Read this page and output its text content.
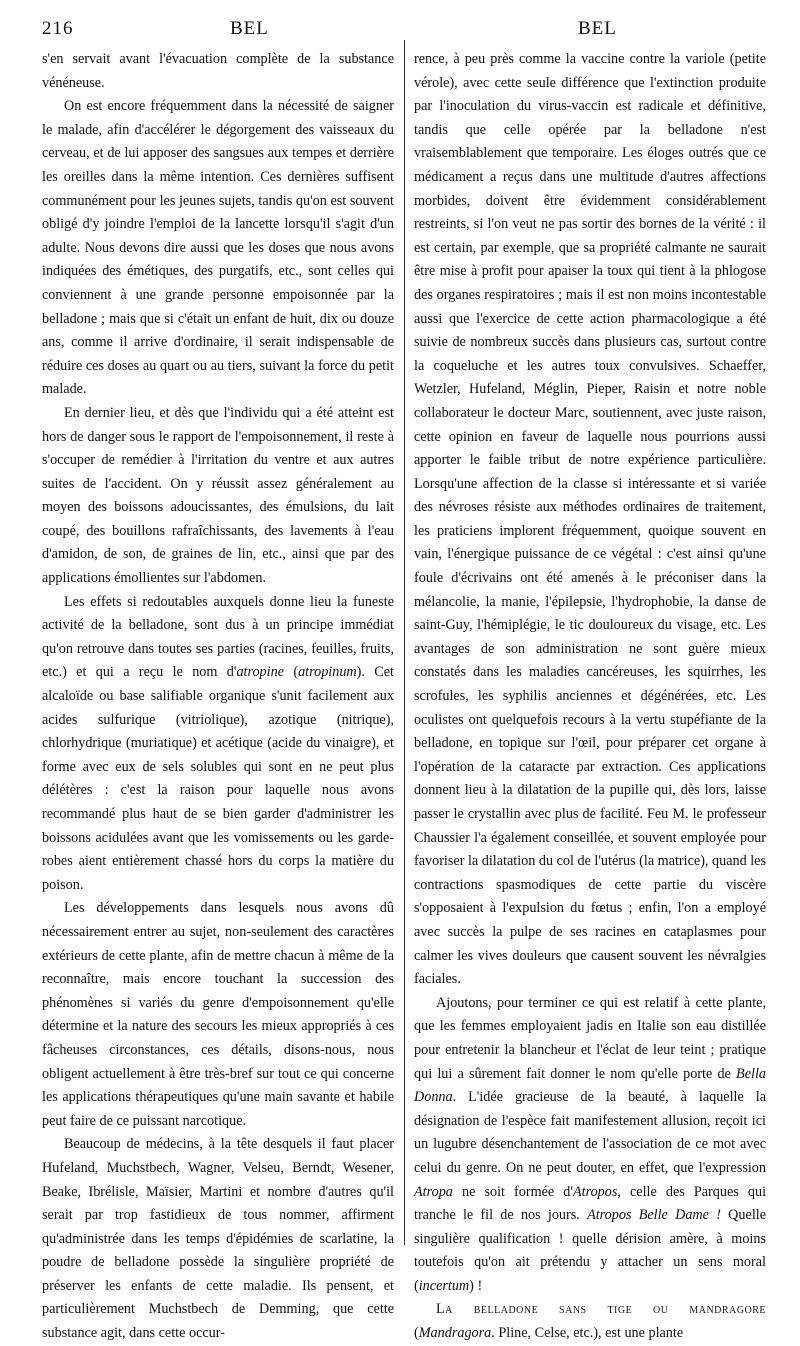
216	BEL	BEL

s'en servait avant l'évacuation complète de la substance vénéneuse.

On est encore fréquemment dans la nécessité de saigner le malade, afin d'accélérer le dégorgement des vaisseaux du cerveau, et de lui apposer des sangsues aux tempes et derrière les oreilles dans la même intention. Ces dernières suffisent communément pour les jeunes sujets, tandis qu'on est souvent obligé d'y joindre l'emploi de la lancette lorsqu'il s'agit d'un adulte. Nous devons dire aussi que les doses que nous avons indiquées des émétiques, des purgatifs, etc., sont celles qui conviennent à une grande personne empoisonnée par la belladone ; mais que si c'était un enfant de huit, dix ou douze ans, comme il arrive d'ordinaire, il serait indispensable de réduire ces doses au quart ou au tiers, suivant la force du petit malade.

En dernier lieu, et dès que l'individu qui a été atteint est hors de danger sous le rapport de l'empoisonnement, il reste à s'occuper de remédier à l'irritation du ventre et aux autres suites de l'accident. On y réussit assez généralement au moyen des boissons adoucissantes, des émulsions, du lait coupé, des bouillons rafraîchissants, des lavements à l'eau d'amidon, de son, de graines de lin, etc., ainsi que par des applications émollientes sur l'abdomen.

Les effets si redoutables auxquels donne lieu la funeste activité de la belladone, sont dus à un principe immédiat qu'on retrouve dans toutes ses parties (racines, feuilles, fruits, etc.) et qui a reçu le nom d'atropine (atropinum). Cet alcaloïde ou base salifiable organique s'unit facilement aux acides sulfurique (vitriolique), azotique (nitrique), chlorhydrique (muriatique) et acétique (acide du vinaigre), et forme avec eux de sels solubles qui sont en ne peut plus délétères : c'est la raison pour laquelle nous avons recommandé plus haut de se bien garder d'administrer les boissons acidulées avant que les vomissements ou les garde-robes aient entièrement chassé hors du corps la matière du poison.

Les développements dans lesquels nous avons dû nécessairement entrer au sujet, non-seulement des caractères extérieurs de cette plante, afin de mettre chacun à même de la reconnaître, mais encore touchant la succession des phénomènes si variés du genre d'empoisonnement qu'elle détermine et la nature des secours les mieux appropriés à ces fâcheuses circonstances, ces détails, disons-nous, nous obligent actuellement à être très-bref sur tout ce qui concerne les applications thérapeutiques qu'une main savante et habile peut faire de ce puissant narcotique.

Beaucoup de médecins, à la tête desquels il faut placer Hufeland, Muchstbech, Wagner, Velseu, Berndt, Wesener, Beake, Ibrélisle, Maïsier, Martini et nombre d'autres qu'il serait par trop fastidieux de tous nommer, affirment qu'administrée dans les temps d'épidémies de scarlatine, la poudre de belladone possède la singulière propriété de préserver les enfants de cette maladie. Ils pensent, et particulièrement Muchstbech de Demming, que cette substance agit, dans cette occur-

rence, à peu près comme la vaccine contre la variole (petite vérole), avec cette seule différence que l'extinction produite par l'inoculation du virus-vaccin est radicale et définitive, tandis que celle opérée par la belladone n'est vraisemblablement que temporaire. Les éloges outrés que ce médicament a reçus dans une multitude d'autres affections morbides, doivent être évidemment considérablement restreints, si l'on veut ne pas sortir des bornes de la vérité : il est certain, par exemple, que sa propriété calmante ne saurait être mise à profit pour apaiser la toux qui tient à la phlogose des organes respiratoires ; mais il est non moins incontestable aussi que l'exercice de cette action pharmacologique a été suivie de nombreux succès dans plusieurs cas, surtout contre la coqueluche et les autres toux convulsives. Schaeffer, Wetzler, Hufeland, Méglin, Pieper, Raisin et notre noble collaborateur le docteur Marc, soutiennent, avec juste raison, cette opinion en faveur de laquelle nous pourrions aussi apporter le faible tribut de notre expérience particulière. Lorsqu'une affection de la classe si intéressante et si variée des névroses résiste aux méthodes ordinaires de traitement, les praticiens implorent fréquemment, quoique souvent en vain, l'énergique puissance de ce végétal : c'est ainsi qu'une foule d'écrivains ont été amenés à le préconiser dans la mélancolie, la manie, l'épilepsie, l'hydrophobie, la danse de saint-Guy, l'hémiplégie, le tic douloureux du visage, etc. Les avantages de son administration ne sont guère mieux constatés dans les maladies cancéreuses, les squirrhes, les scrofules, les syphilis anciennes et dégénérées, etc. Les oculistes ont quelquefois recours à la vertu stupéfiante de la belladone, en topique sur l'œil, pour préparer cet organe à l'opération de la cataracte par extraction. Ces applications donnent lieu à la dilatation de la pupille qui, dès lors, laisse passer le crystallin avec plus de facilité. Feu M. le professeur Chaussier l'a également conseillée, et souvent employée pour favoriser la dilatation du col de l'utérus (la matrice), quand les contractions spasmodiques de cette partie du viscère s'opposaient à l'expulsion du fœtus ; enfin, l'on a employé avec succès la pulpe de ses racines en cataplasmes pour calmer les vives douleurs que causent souvent les névralgies faciales.

Ajoutons, pour terminer ce qui est relatif à cette plante, que les femmes employaient jadis en Italie son eau distillée pour entretenir la blancheur et l'éclat de leur teint ; pratique qui lui a sûrement fait donner le nom qu'elle porte de Bella Donna. L'idée gracieuse de la beauté, à laquelle la désignation de l'espèce fait manifestement allusion, reçoit ici un lugubre désenchantement de l'association de ce mot avec celui du genre. On ne peut douter, en effet, que l'expression Atropa ne soit formée d'Atropos, celle des Parques qui tranche le fil de nos jours. Atropos Belle Dame ! Quelle singulière qualification ! quelle dérision amère, à moins toutefois qu'on ait prétendu y attacher un sens moral (incertum) !

La belladone sans tige ou mandragore (Mandragora. Pline, Celse, etc.), est une plante
